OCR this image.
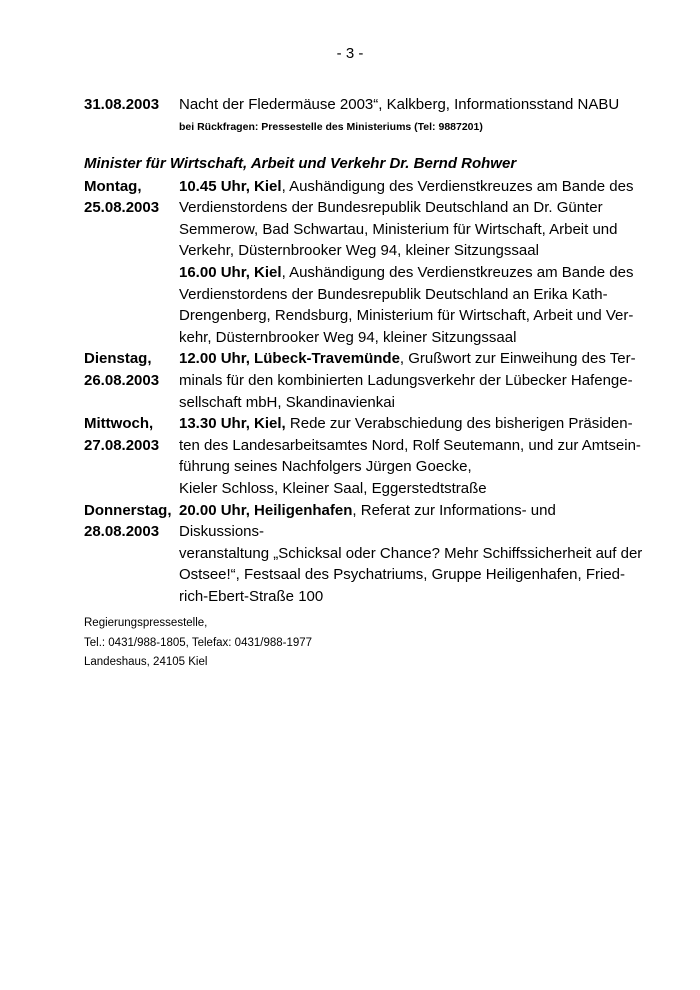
- 3 -
31.08.2003	Nacht der Fledermäuse 2003“, Kalkberg, Informationsstand NABU
bei Rückfragen: Pressestelle des Ministeriums (Tel: 9887201)
Minister für Wirtschaft, Arbeit und Verkehr Dr. Bernd Rohwer
Montag,
25.08.2003
10.45 Uhr, Kiel, Aushändigung des Verdienstkreuzes am Bande des
Verdienstordens der Bundesrepublik Deutschland an Dr. Günter
Semmerow, Bad Schwartau, Ministerium für Wirtschaft, Arbeit und
Verkehr, Düsternbrooker Weg 94, kleiner Sitzungssaal
16.00 Uhr, Kiel, Aushändigung des Verdienstkreuzes am Bande des
Verdienstordens der Bundesrepublik Deutschland an Erika Kath-
Drengenberg, Rendsburg, Ministerium für Wirtschaft, Arbeit und Ver-
kehr, Düsternbrooker Weg 94, kleiner Sitzungssaal
Dienstag,
26.08.2003
12.00 Uhr, Lübeck-Travemünde, Grußwort zur Einweihung des Ter-
minals für den kombinierten Ladungsverkehr der Lübecker Hafenge-
sellschaft mbH, Skandinavienkai
Mittwoch,
27.08.2003
13.30 Uhr, Kiel, Rede zur Verabschiedung des bisherigen Präsiden-
ten des Landesarbeitsamtes Nord, Rolf Seutemann, und zur Amtsein-
führung seines Nachfolgers Jürgen Goecke,
Kieler Schloss, Kleiner Saal, Eggerstedtstraße
Donnerstag,
28.08.2003
20.00 Uhr, Heiligenhafen, Referat zur Informations- und Diskussions-
veranstaltung „Schicksal oder Chance? Mehr Schiffssicherheit auf der
Ostsee!“, Festsaal des Psychatriums, Gruppe Heiligenhafen, Fried-
rich-Ebert-Straße 100
Regierungspressestelle,
Tel.: 0431/988-1805, Telefax: 0431/988-1977
Landeshaus, 24105 Kiel
